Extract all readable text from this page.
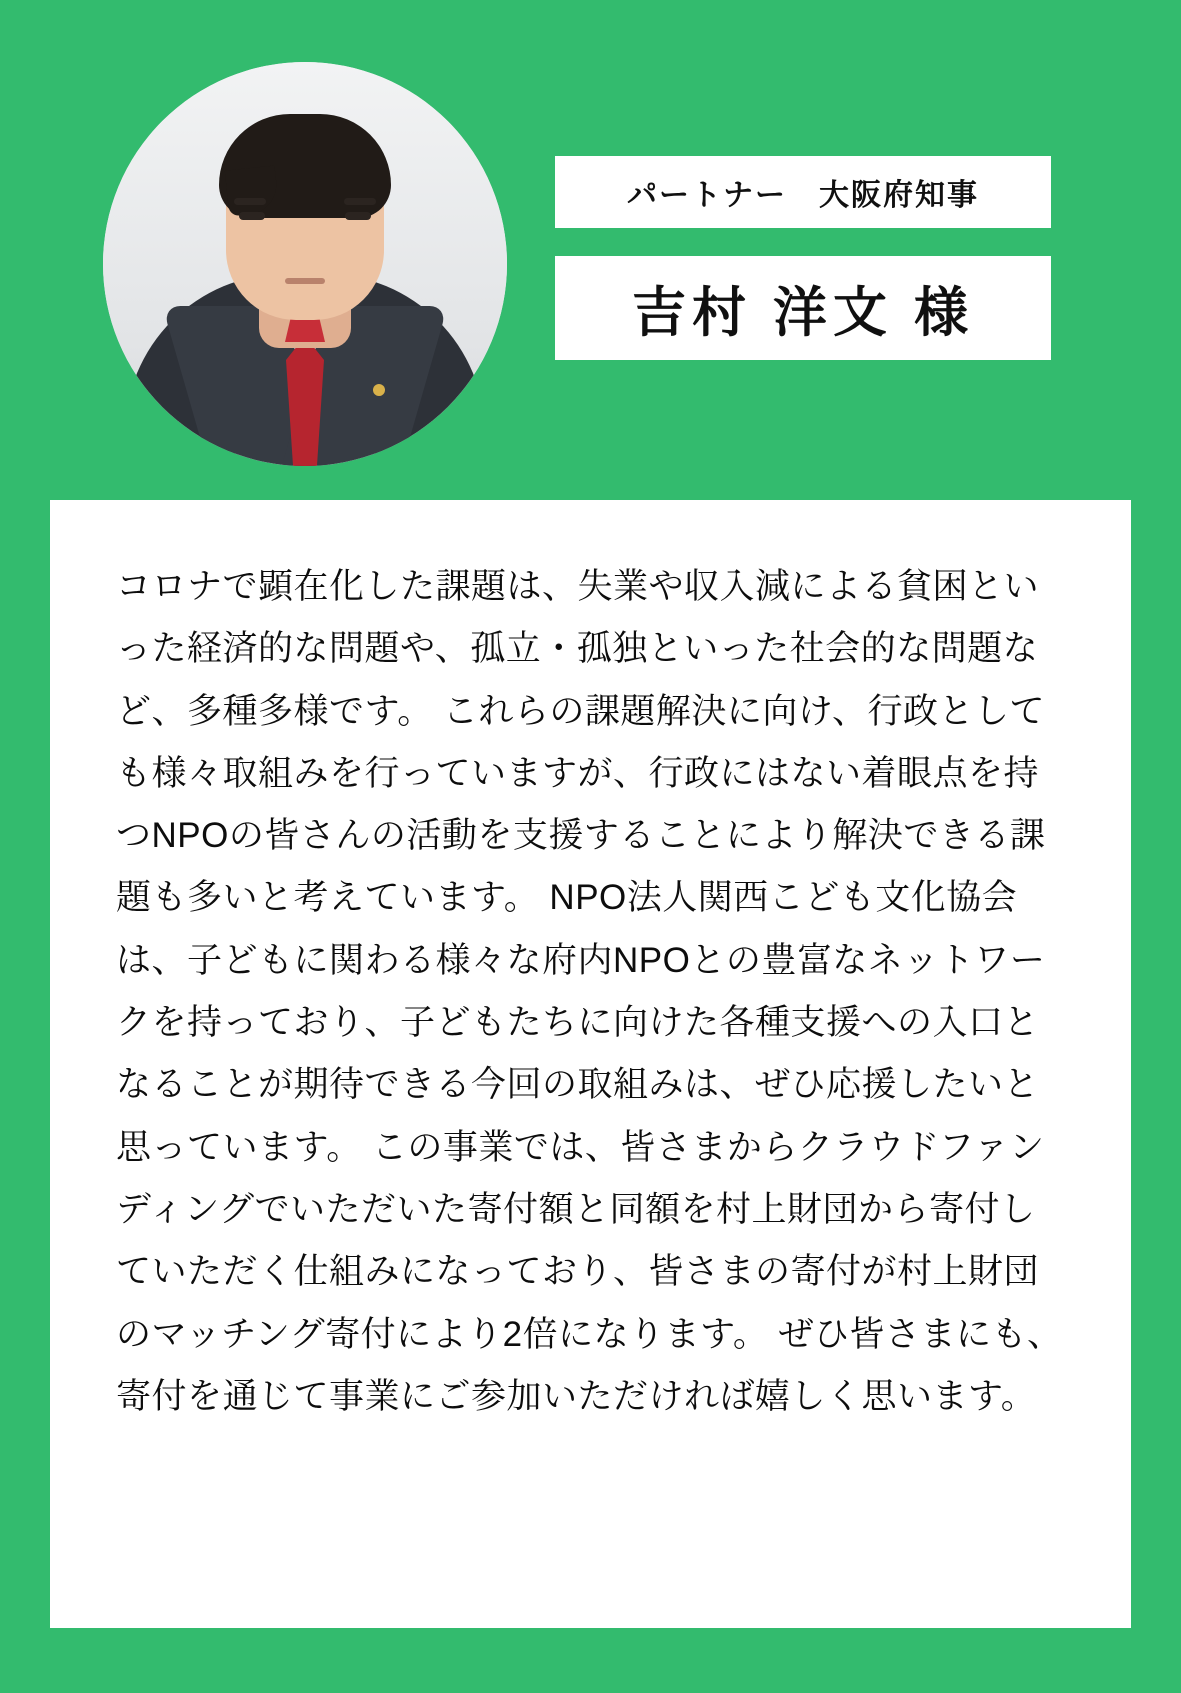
パートナー　大阪府知事
吉村 洋文 様
コロナで顕在化した課題は、失業や収入減による貧困といった経済的な問題や、孤立・孤独といった社会的な問題など、多種多様です。 これらの課題解決に向け、行政としても様々取組みを行っていますが、行政にはない着眼点を持つNPOの皆さんの活動を支援することにより解決できる課題も多いと考えています。 NPO法人関西こども文化協会は、子どもに関わる様々な府内NPOとの豊富なネットワークを持っており、子どもたちに向けた各種支援への入口となることが期待できる今回の取組みは、ぜひ応援したいと思っています。 この事業では、皆さまからクラウドファンディングでいただいた寄付額と同額を村上財団から寄付していただく仕組みになっており、皆さまの寄付が村上財団のマッチング寄付により2倍になります。 ぜひ皆さまにも、寄付を通じて事業にご参加いただければ嬉しく思います。
